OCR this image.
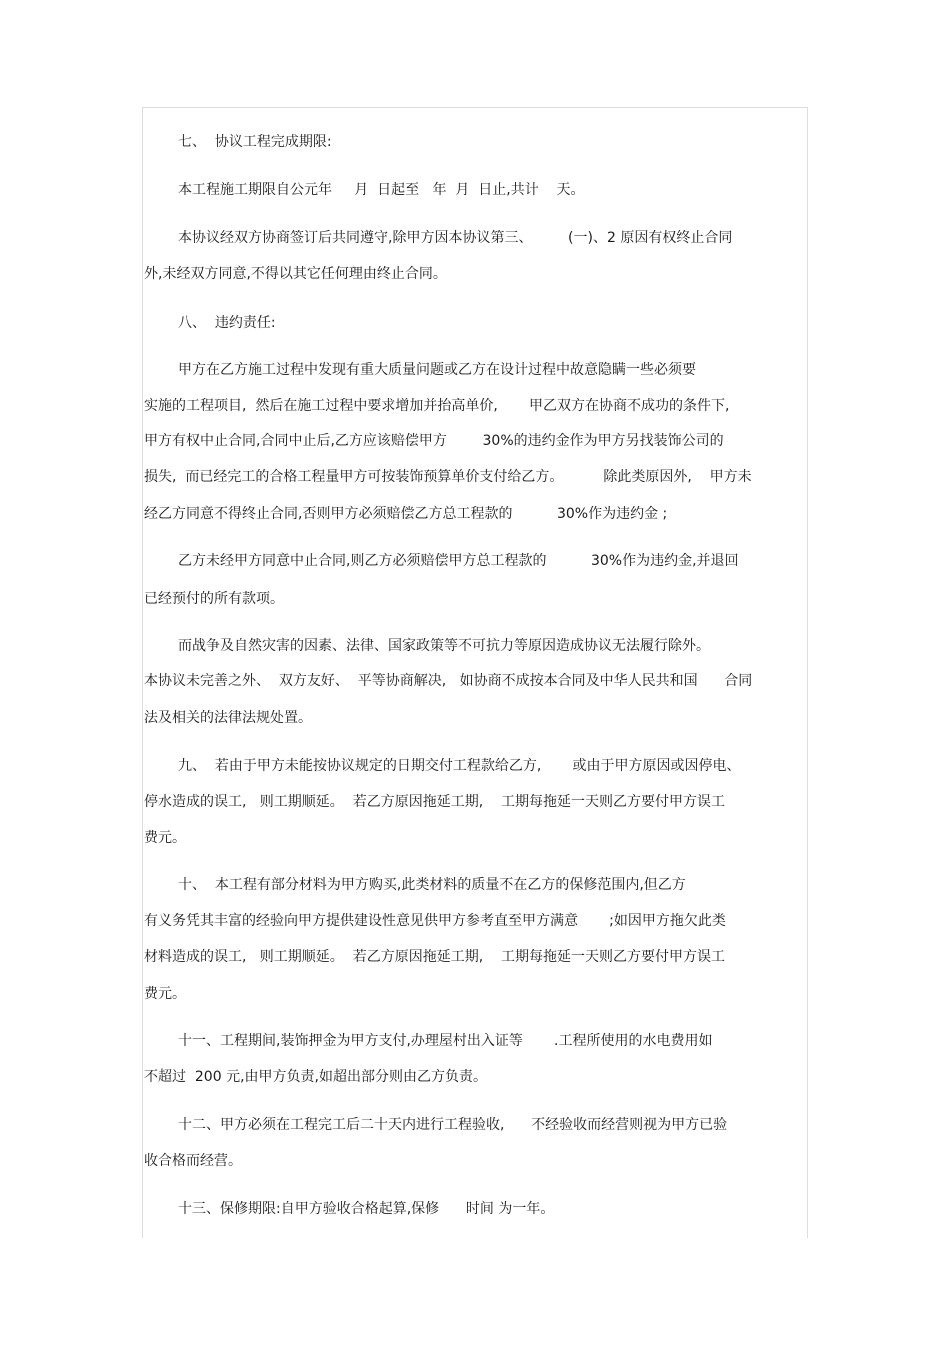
七、  协议工程完成期限:

本工程施工期限自公元年     月  日起至   年  月  日止,共计    天。

本协议经双方协商签订后共同遵守,除甲方因本协议第三、        (一)、2 原因有权终止合同

外,未经双方同意,不得以其它任何理由终止合同。

八、  违约责任:

甲方在乙方施工过程中发现有重大质量问题或乙方在设计过程中故意隐瞒一些必须要

实施的工程项目,  然后在施工过程中要求增加并抬高单价,       甲乙双方在协商不成功的条件下,

甲方有权中止合同,合同中止后,乙方应该赔偿甲方        30%的违约金作为甲方另找装饰公司的

损失,  而已经完工的合格工程量甲方可按装饰预算单价支付给乙方。         除此类原因外,    甲方未

经乙方同意不得终止合同,否则甲方必须赔偿乙方总工程款的          30%作为违约金 ;

乙方未经甲方同意中止合同,则乙方必须赔偿甲方总工程款的          30%作为违约金,并退回

已经预付的所有款项。

而战争及自然灾害的因素、法律、国家政策等不可抗力等原因造成协议无法履行除外。

本协议未完善之外、  双方友好、  平等协商解决,   如协商不成按本合同及中华人民共和国      合同

法及相关的法律法规处置。

九、  若由于甲方未能按协议规定的日期交付工程款给乙方,       或由于甲方原因或因停电、

停水造成的误工,   则工期顺延。  若乙方原因拖延工期,    工期每拖延一天则乙方要付甲方误工

费元。

十、  本工程有部分材料为甲方购买,此类材料的质量不在乙方的保修范围内,但乙方

有义务凭其丰富的经验向甲方提供建设性意见供甲方参考直至甲方满意       ;如因甲方拖欠此类

材料造成的误工,   则工期顺延。  若乙方原因拖延工期,    工期每拖延一天则乙方要付甲方误工

费元。

十一、工程期间,装饰押金为甲方支付,办理屋村出入证等       .工程所使用的水电费用如

不超过  200 元,由甲方负责,如超出部分则由乙方负责。

十二、甲方必须在工程完工后二十天内进行工程验收,      不经验收而经营则视为甲方已验

收合格而经营。

十三、保修期限:自甲方验收合格起算,保修      时间 为一年。
